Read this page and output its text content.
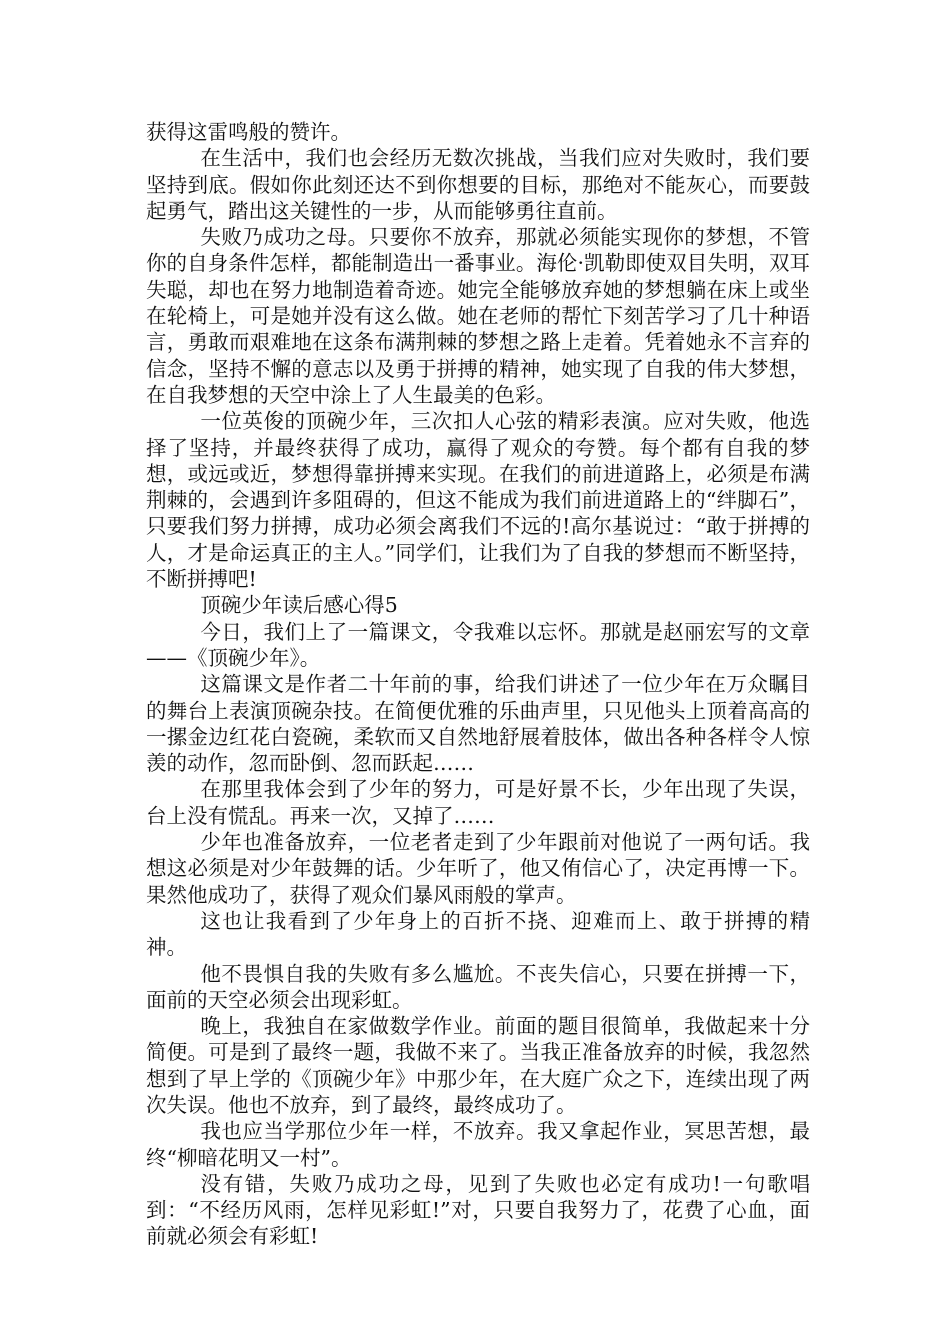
获得这雷鸣般的赞许。

在生活中，我们也会经历无数次挑战，当我们应对失败时，我们要坚持到底。假如你此刻还达不到你想要的目标，那绝对不能灰心，而要鼓起勇气，踏出这关键性的一步，从而能够勇往直前。

失败乃成功之母。只要你不放弃，那就必须能实现你的梦想，不管你的自身条件怎样，都能制造出一番事业。海伦·凯勒即使双目失明，双耳失聪，却也在努力地制造着奇迹。她完全能够放弃她的梦想躺在床上或坐在轮椅上，可是她并没有这么做。她在老师的帮忙下刻苦学习了几十种语言，勇敢而艰难地在这条布满荆棘的梦想之路上走着。凭着她永不言弃的信念，坚持不懈的意志以及勇于拼搏的精神，她实现了自我的伟大梦想，在自我梦想的天空中涂上了人生最美的色彩。

一位英俊的顶碗少年，三次扣人心弦的精彩表演。应对失败，他选择了坚持，并最终获得了成功，赢得了观众的夸赞。每个都有自我的梦想，或远或近，梦想得靠拼搏来实现。在我们的前进道路上，必须是布满荆棘的，会遇到许多阻碍的，但这不能成为我们前进道路上的“绊脚石”，只要我们努力拼搏，成功必须会离我们不远的!高尔基说过：“敢于拼搏的人，才是命运真正的主人。”同学们，让我们为了自我的梦想而不断坚持，不断拼搏吧!

顶碗少年读后感心得5

今日，我们上了一篇课文，令我难以忘怀。那就是赵丽宏写的文章——《顶碗少年》。

这篇课文是作者二十年前的事，给我们讲述了一位少年在万众瞩目的舞台上表演顶碗杂技。在简便优雅的乐曲声里，只见他头上顶着高高的一摞金边红花白瓷碗，柔软而又自然地舒展着肢体，做出各种各样令人惊羡的动作，忽而卧倒、忽而跃起……

在那里我体会到了少年的努力，可是好景不长，少年出现了失误，台上没有慌乱。再来一次，又掉了……

少年也准备放弃，一位老者走到了少年跟前对他说了一两句话。我想这必须是对少年鼓舞的话。少年听了，他又侑信心了，决定再博一下。果然他成功了，获得了观众们暴风雨般的掌声。

这也让我看到了少年身上的百折不挠、迎难而上、敢于拼搏的精神。

他不畏惧自我的失败有多么尴尬。不丧失信心，只要在拼搏一下，面前的天空必须会出现彩虹。

晚上，我独自在家做数学作业。前面的题目很简单，我做起来十分简便。可是到了最终一题，我做不来了。当我正准备放弃的时候，我忽然想到了早上学的《顶碗少年》中那少年，在大庭广众之下，连续出现了两次失误。他也不放弃，到了最终，最终成功了。

我也应当学那位少年一样，不放弃。我又拿起作业，冥思苦想，最终“柳暗花明又一村”。

没有错，失败乃成功之母，见到了失败也必定有成功!一句歌唱到：“不经历风雨，怎样见彩虹!”对，只要自我努力了，花费了心血，面前就必须会有彩虹!
